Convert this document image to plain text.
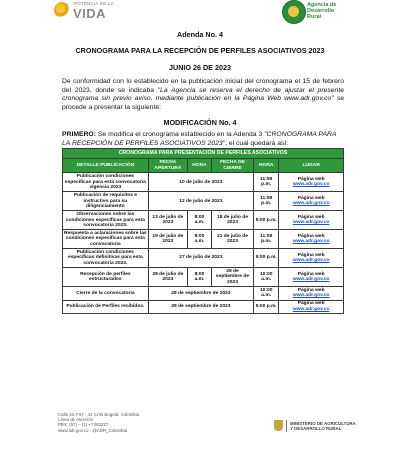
POTENCIA DE LA
VIDA
Agencia de
Desarrollo
Rural
Adenda No. 4
CRONOGRAMA PARA LA RECEPCIÓN DE PERFILES ASOCIATIVOS 2023
JUNIO 26 DE 2023
De conformidad con lo establecido en la publicación inicial del cronograma el 15 de febrero del 2023, donde se indicaba "La Agencia se reserva el derecho de ajustar el presente cronograma sin previo aviso, mediante publicación en la Página Web www.adr.gov.co" se procede a presentar la siguiente:
MODIFICACIÓN No. 4
PRIMERO: Se modifica el cronograma establecido en la Adenda 3 "CRONOGRAMA PARA LA RECEPCIÓN DE PERFILES ASOCIATIVOS 2023", el cual quedará así:
CRONOGRAMA PARA PRESENTACIÓN DE PERFILES ASOCIATIVOS					
DETALLE PUBLICACIÓN	FECHA APERTURA	HORA	FECHA DE CIERRE	HORA	LUGAR
Publicación condiciones específicas para esta convocatoria vigencia 2023	10 de julio de 2023			11:59 p.m.	Página web
www.adr.gov.co

Publicación de requisitos e instructivo para su diligenciamiento	12 de julio de 2023			11:59 p.m.	Página web
www.adr.gov.co

Observaciones sobre las condiciones específicas para esta convocatoria 2023.	13 de julio de 2023	8:00 a.m.	18 de julio de 2023	5:00 p.m.	Página web
www.adr.gov.co

Respuesta a aclaraciones sobre las condiciones específicas para esta convocatoria	19 de julio de 2023	8:00 a.m.	21 de julio de 2023	11:59 p.m.	Página web
www.adr.gov.co

Publicación condiciones específicas definitivas para esta convocatoria 2023.	27 de julio de 2023			5:00 p.m.	Página web
www.adr.gov.co

Recepción de perfiles estructurados	28 de julio de 2023	8:00 a.m.	28 de septiembre de 2023	10:00 a.m.	Página web
www.adr.gov.co

Cierre de la convocatoria	28 de septiembre de 2023			10:00 a.m.	Página web
www.adr.gov.co

Publicación de Perfiles recibidos.	28 de septiembre de 2023			5:00 p.m.	Página web
www.adr.gov.co
Calle 43 # 57 - 41 CAN Bogotá, Colombia
Línea de Atención
PBX: (57) – (1) • 7482227
www.adr.gov.co - @ADR_Colombia
MINISTERIO DE AGRICULTURA
Y DESARROLLO RURAL
